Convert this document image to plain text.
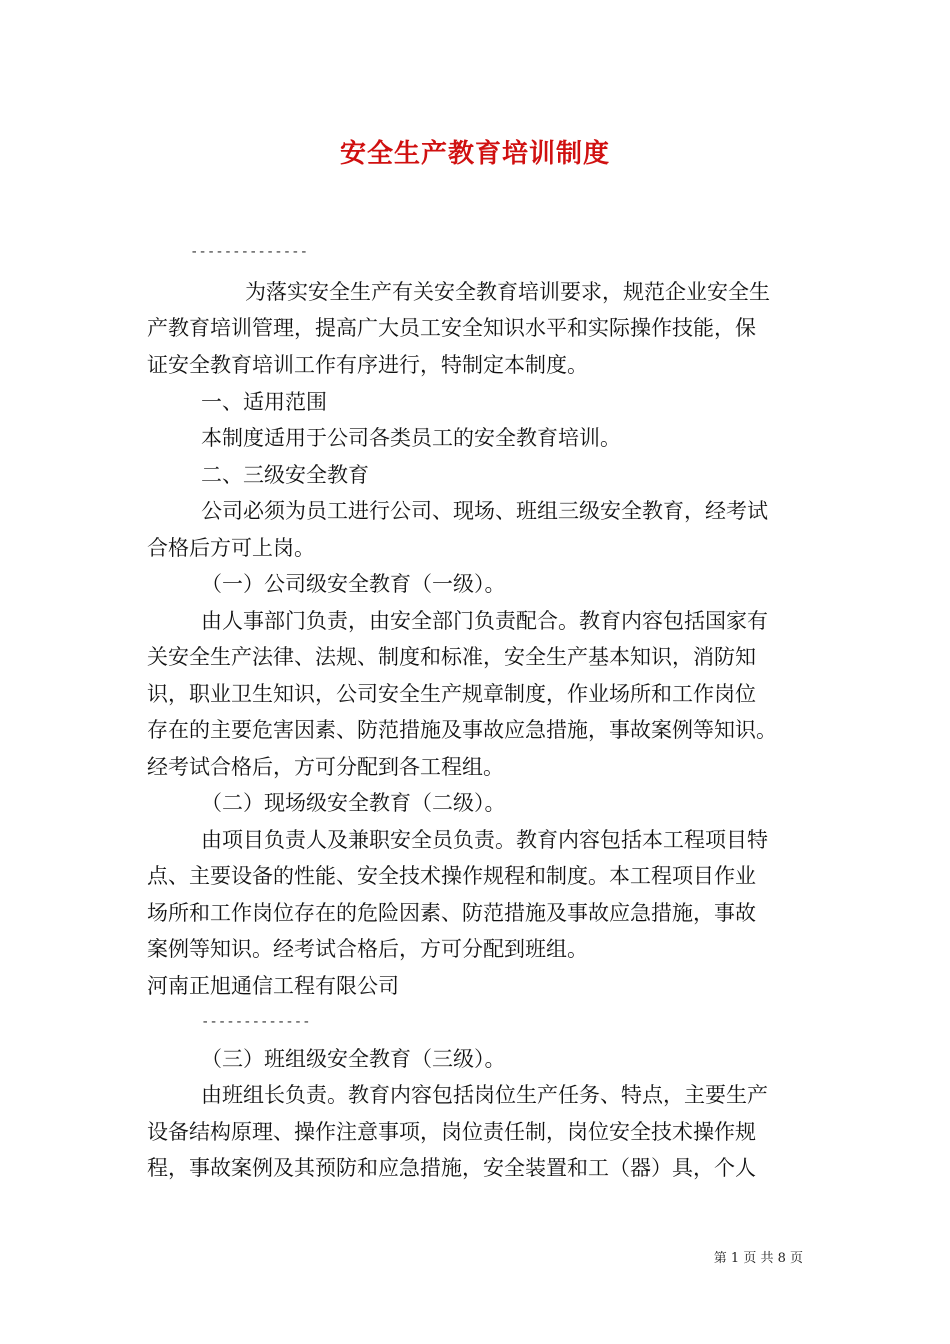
安全生产教育培训制度
--------------
为落实安全生产有关安全教育培训要求，规范企业安全生
产教育培训管理，提高广大员工安全知识水平和实际操作技能，保
证安全教育培训工作有序进行，特制定本制度。
一、适用范围
本制度适用于公司各类员工的安全教育培训。
二、三级安全教育
公司必须为员工进行公司、现场、班组三级安全教育，经考试
合格后方可上岗。
（一）公司级安全教育（一级）。
由人事部门负责，由安全部门负责配合。教育内容包括国家有
关安全生产法律、法规、制度和标准，安全生产基本知识，消防知
识，职业卫生知识，公司安全生产规章制度，作业场所和工作岗位
存在的主要危害因素、防范措施及事故应急措施，事故案例等知识。
经考试合格后，方可分配到各工程组。
（二）现场级安全教育（二级）。
由项目负责人及兼职安全员负责。教育内容包括本工程项目特
点、主要设备的性能、安全技术操作规程和制度。本工程项目作业
场所和工作岗位存在的危险因素、防范措施及事故应急措施，事故
案例等知识。经考试合格后，方可分配到班组。
河南正旭通信工程有限公司
-------------
（三）班组级安全教育（三级）。
由班组长负责。教育内容包括岗位生产任务、特点，主要生产
设备结构原理、操作注意事项，岗位责任制，岗位安全技术操作规
程，事故案例及其预防和应急措施，安全装置和工（器）具，个人
第 1 页 共 8 页
